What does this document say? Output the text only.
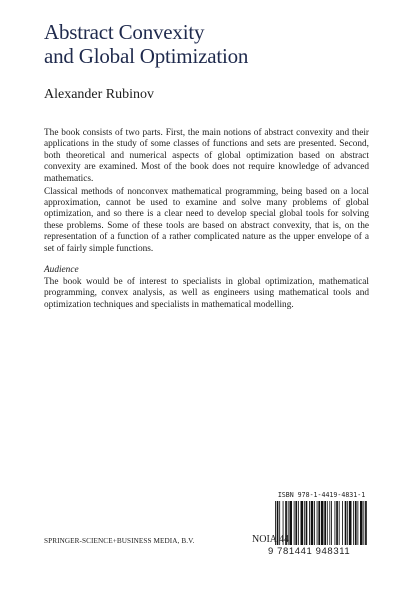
Abstract Convexity
and Global Optimization
Alexander Rubinov

The book consists of two parts. First, the main notions of abstract convexity and their applications in the study of some classes of functions and sets are presented. Second, both theoretical and numerical aspects of global optimization based on abstract convexity are examined. Most of the book does not require knowledge of advanced mathematics.

Classical methods of nonconvex mathematical programming, being based on a local approximation, cannot be used to examine and solve many problems of global optimization, and so there is a clear need to develop special global tools for solving these problems. Some of these tools are based on abstract convexity, that is, on the representation of a function of a rather complicated nature as the upper envelope of a set of fairly simple functions.

Audience

The book would be of interest to specialists in global optimization, mathematical programming, convex analysis, as well as engineers using mathematical tools and optimization techniques and specialists in mathematical modelling.

ISBN 978-1-4419-4831-1
9 781441 948311
SPRINGER-SCIENCE+BUSINESS MEDIA, B.V.	NOIA 44
